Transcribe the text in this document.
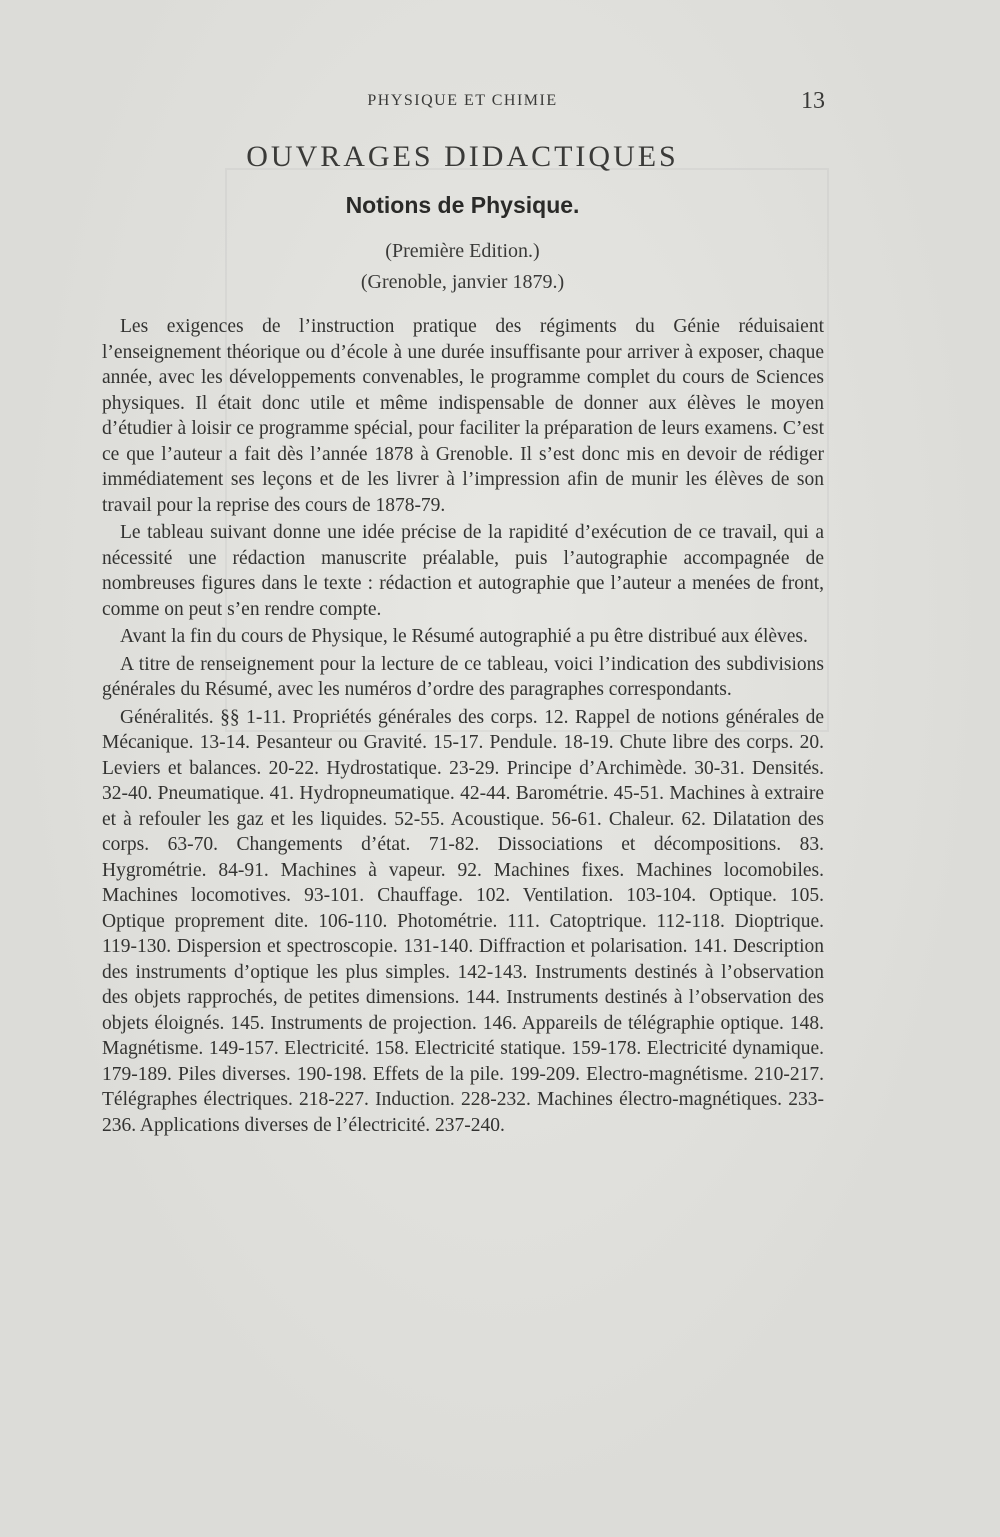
PHYSIQUE ET CHIMIE	13
OUVRAGES DIDACTIQUES
Notions de Physique.
(Première Edition.)
(Grenoble, janvier 1879.)

Les exigences de l’instruction pratique des régiments du Génie réduisaient l’enseignement théorique ou d’école à une durée insuffisante pour arriver à exposer, chaque année, avec les développements convenables, le programme complet du cours de Sciences physiques. Il était donc utile et même indispensable de donner aux élèves le moyen d’étudier à loisir ce programme spécial, pour faciliter la préparation de leurs examens. C’est ce que l’auteur a fait dès l’année 1878 à Grenoble. Il s’est donc mis en devoir de rédiger immédiatement ses leçons et de les livrer à l’impression afin de munir les élèves de son travail pour la reprise des cours de 1878-79.

Le tableau suivant donne une idée précise de la rapidité d’exécution de ce travail, qui a nécessité une rédaction manuscrite préalable, puis l’autographie accompagnée de nombreuses figures dans le texte : rédaction et autographie que l’auteur a menées de front, comme on peut s’en rendre compte.

Avant la fin du cours de Physique, le Résumé autographié a pu être distribué aux élèves.

A titre de renseignement pour la lecture de ce tableau, voici l’indication des subdivisions générales du Résumé, avec les numéros d’ordre des paragraphes correspondants.

Généralités. §§ 1-11. Propriétés générales des corps. 12. Rappel de notions générales de Mécanique. 13-14. Pesanteur ou Gravité. 15-17. Pendule. 18-19. Chute libre des corps. 20. Leviers et balances. 20-22. Hydrostatique. 23-29. Principe d’Archimède. 30-31. Densités. 32-40. Pneumatique. 41. Hydropneumatique. 42-44. Barométrie. 45-51. Machines à extraire et à refouler les gaz et les liquides. 52-55. Acoustique. 56-61. Chaleur. 62. Dilatation des corps. 63-70. Changements d’état. 71-82. Dissociations et décompositions. 83. Hygrométrie. 84-91. Machines à vapeur. 92. Machines fixes. Machines locomobiles. Machines locomotives. 93-101. Chauffage. 102. Ventilation. 103-104. Optique. 105. Optique proprement dite. 106-110. Photométrie. 111. Catoptrique. 112-118. Dioptrique. 119-130. Dispersion et spectroscopie. 131-140. Diffraction et polarisation. 141. Description des instruments d’optique les plus simples. 142-143. Instruments destinés à l’observation des objets rapprochés, de petites dimensions. 144. Instruments destinés à l’observation des objets éloignés. 145. Instruments de projection. 146. Appareils de télégraphie optique. 148. Magnétisme. 149-157. Electricité. 158. Electricité statique. 159-178. Electricité dynamique. 179-189. Piles diverses. 190-198. Effets de la pile. 199-209. Electro-magnétisme. 210-217. Télégraphes électriques. 218-227. Induction. 228-232. Machines électro-magnétiques. 233-236. Applications diverses de l’électricité. 237-240.
